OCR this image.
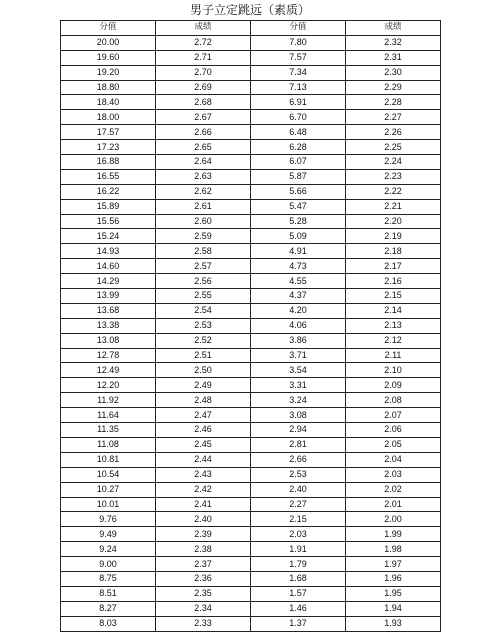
男子立定跳远（素质）
分值	成绩	分值	成绩
20.00	2.72	7.80	2.32
19.60	2.71	7.57	2.31
19.20	2.70	7.34	2.30
18.80	2.69	7.13	2.29
18.40	2.68	6.91	2.28
18.00	2.67	6.70	2.27
17.57	2.66	6.48	2.26
17.23	2.65	6.28	2.25
16.88	2.64	6.07	2.24
16.55	2.63	5.87	2.23
16.22	2.62	5.66	2.22
15.89	2.61	5.47	2.21
15.56	2.60	5.28	2.20
15.24	2.59	5.09	2.19
14.93	2.58	4.91	2.18
14.60	2.57	4.73	2.17
14.29	2.56	4.55	2.16
13.99	2.55	4.37	2.15
13.68	2.54	4.20	2.14
13.38	2.53	4.06	2.13
13.08	2.52	3.86	2.12
12.78	2.51	3.71	2.11
12.49	2.50	3.54	2.10
12.20	2.49	3.31	2.09
11.92	2.48	3.24	2.08
11.64	2.47	3.08	2.07
11.35	2.46	2.94	2.06
11.08	2.45	2.81	2.05
10.81	2.44	2.66	2.04
10.54	2.43	2.53	2.03
10.27	2.42	2.40	2.02
10.01	2.41	2.27	2.01
9.76	2.40	2.15	2.00
9.49	2.39	2.03	1.99
9.24	2.38	1.91	1.98
9.00	2.37	1.79	1.97
8.75	2.36	1.68	1.96
8.51	2.35	1.57	1.95
8.27	2.34	1.46	1.94
8.03	2.33	1.37	1.93
